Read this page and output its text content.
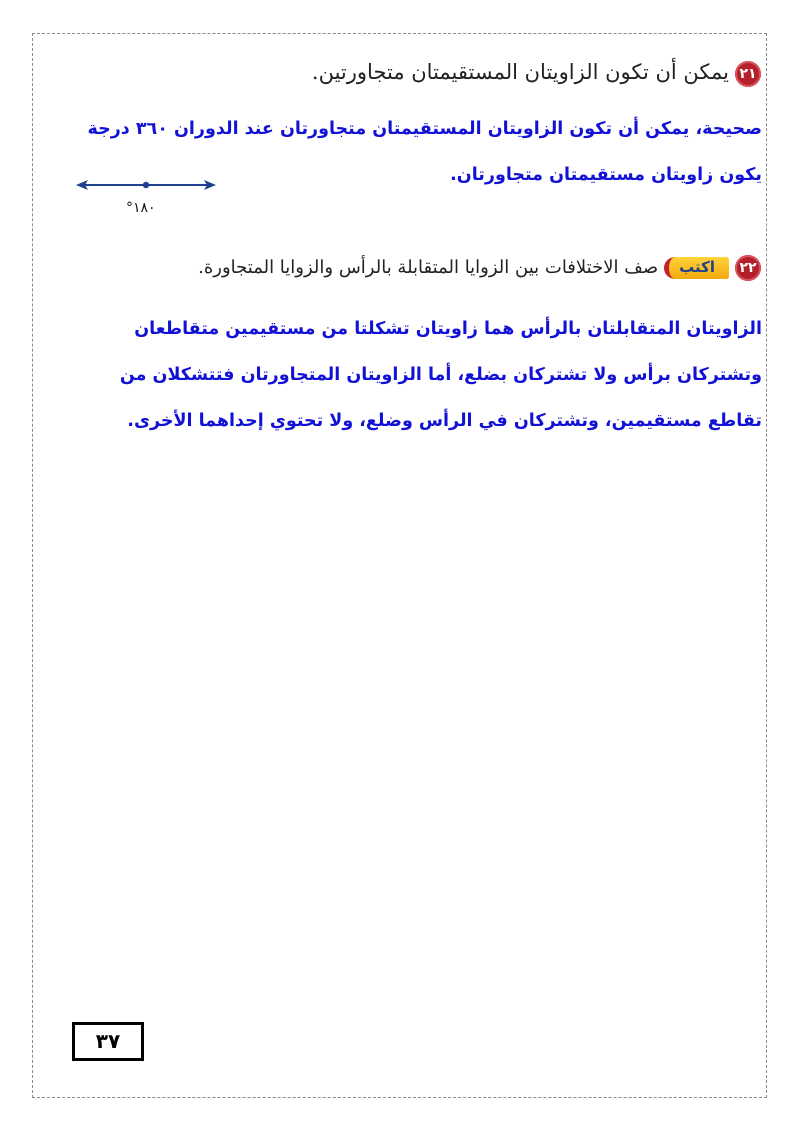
٢١يمكن أن تكون الزاويتان المستقيمتان متجاورتين.

صحيحة، يمكن أن تكون الزاويتان المستقيمتان متجاورتان عند الدوران ٣٦٠ درجة يكون زاويتان مستقيمتان متجاورتان.

°١٨٠
٢٢اكتبصف الاختلافات بين الزوايا المتقابلة بالرأس والزوايا المتجاورة.

الزاويتان المتقابلتان بالرأس هما زاويتان تشكلتا من مستقيمين متقاطعان وتشتركان برأس ولا تشتركان بضلع، أما الزاويتان المتجاورتان فتتشكلان من تقاطع مستقيمين، وتشتركان في الرأس وضلع، ولا تحتوي إحداهما الأخرى.

٣٧
